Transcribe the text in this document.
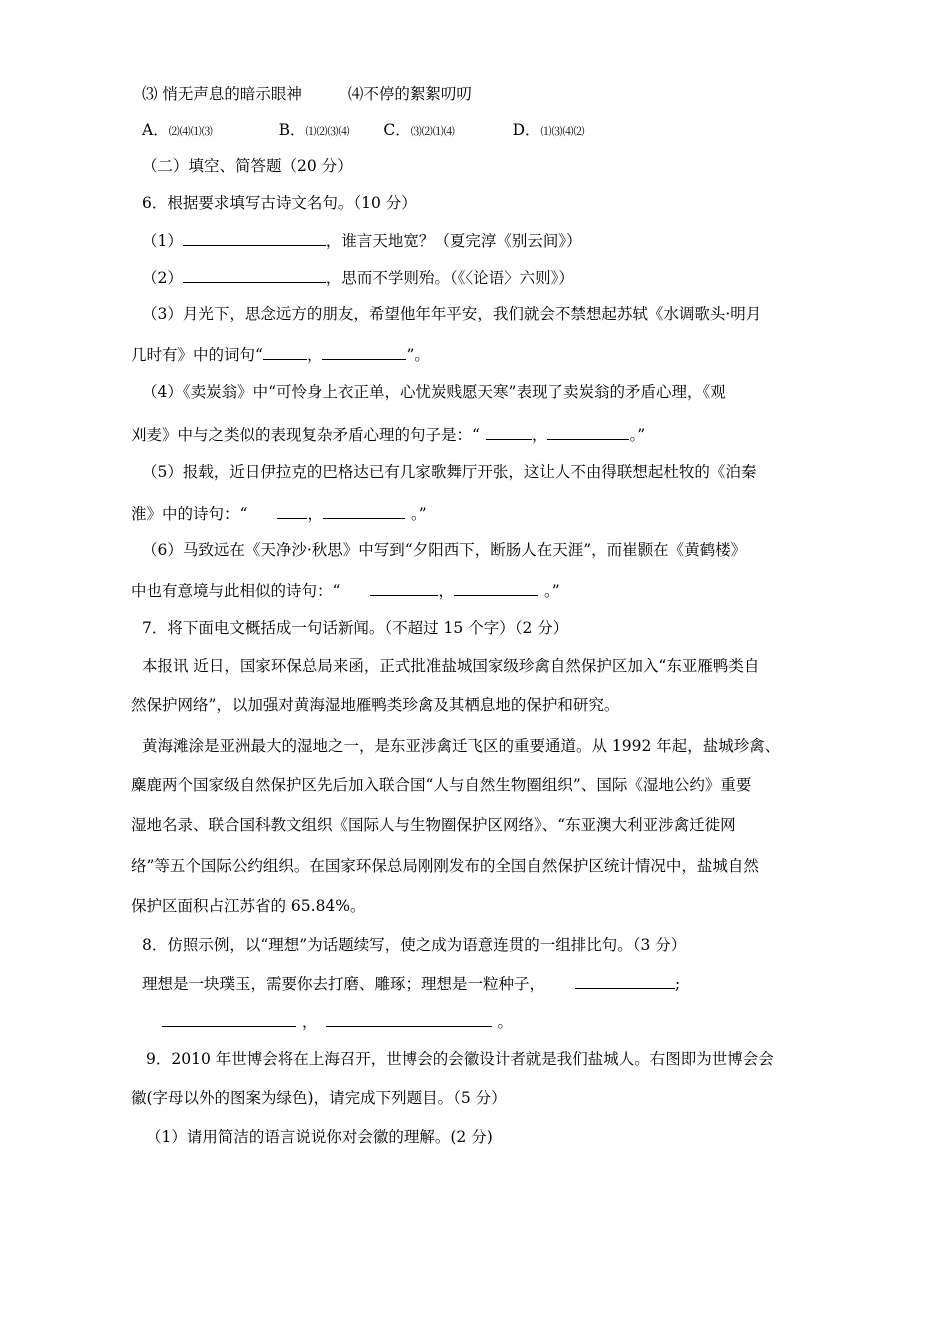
⑶ 悄无声息的暗示眼神	⑷不停的絮絮叨叨
A．⑵⑷⑴⑶	B．⑴⑵⑶⑷ C．⑶⑵⑴⑷	D．⑴⑶⑷⑵
（二）填空、简答题（20 分）
6．根据要求填写古诗文名句。（10 分）
（1）	，谁言天地宽？（夏完淳《别云间》）
（2）	，思而不学则殆。（《〈论语〉六则》）
（3）月光下，思念远方的朋友，希望他年年平安，我们就会不禁想起苏轼《水调歌头·明月
几时有》中的词句“	，	”。
（4）《卖炭翁》中“可怜身上衣正单，心忧炭贱愿天寒”表现了卖炭翁的矛盾心理，《观
刈麦》中与之类似的表现复杂矛盾心理的句子是：“	，	。”
（5）报载，近日伊拉克的巴格达已有几家歌舞厅开张，这让人不由得联想起杜牧的《泊秦
淮》中的诗句：“	，	。”
（6）马致远在《天净沙·秋思》中写到“夕阳西下，断肠人在天涯”，而崔颢在《黄鹤楼》
中也有意境与此相似的诗句：“	，	。”
7．将下面电文概括成一句话新闻。（不超过 15 个字）（2 分）
本报讯 近日，国家环保总局来函，正式批准盐城国家级珍禽自然保护区加入“东亚雁鸭类自
然保护网络”，以加强对黄海湿地雁鸭类珍禽及其栖息地的保护和研究。
黄海滩涂是亚洲最大的湿地之一，是东亚涉禽迁飞区的重要通道。从 1992 年起，盐城珍禽、
麋鹿两个国家级自然保护区先后加入联合国“人与自然生物圈组织”、国际《湿地公约》重要
湿地名录、联合国科教文组织《国际人与生物圈保护区网络》、“东亚澳大利亚涉禽迁徙网
络”等五个国际公约组织。在国家环保总局刚刚发布的全国自然保护区统计情况中，盐城自然
保护区面积占江苏省的 65.84%。
8．仿照示例，以“理想”为话题续写，使之成为语意连贯的一组排比句。（3 分）
理想是一块璞玉，需要你去打磨、雕琢；理想是一粒种子，	;
，	。
9．2010 年世博会将在上海召开，世博会的会徽设计者就是我们盐城人。右图即为世博会会
徽(字母以外的图案为绿色)，请完成下列题目。（5 分）
（1）请用简洁的语言说说你对会徽的理解。(2 分)
